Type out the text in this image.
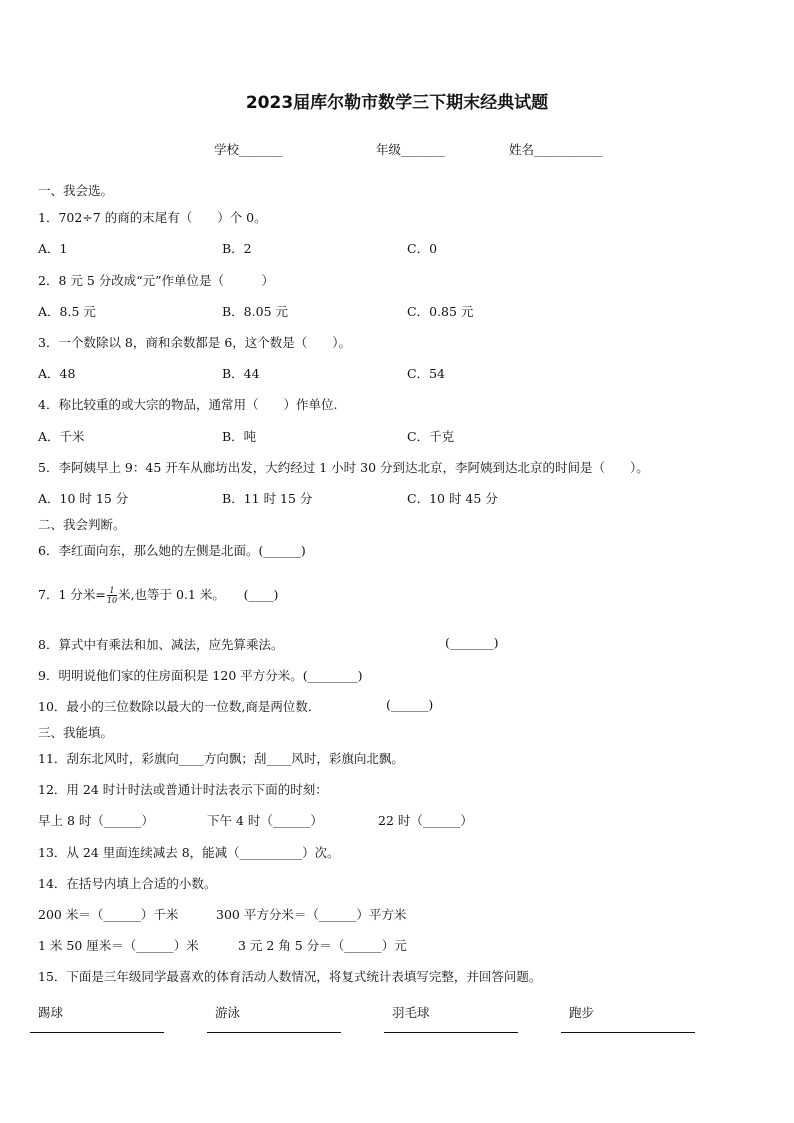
2023届库尔勒市数学三下期末经典试题
学校_______	年级_______	姓名___________
一、我会选。
1．702÷7 的商的末尾有（　　）个 0。
A．1	B．2	C．0
2．8 元 5 分改成“元”作单位是（　　　）
A．8.5 元	B．8.05 元	C．0.85 元
3．一个数除以 8，商和余数都是 6，这个数是（　　）。
A．48	B．44	C．54
4．称比较重的或大宗的物品，通常用（　　）作单位.
A．千米	B．吨	C．千克
5．李阿姨早上 9：45 开车从廊坊出发，大约经过 1 小时 30 分到达北京，李阿姨到达北京的时间是（　　）。
A．10 时 15 分	B．11 时 15 分	C．10 时 45 分
二、我会判断。
6．李红面向东，那么她的左侧是北面。(______)
7．1 分米= $\frac{1}{10}$ 米,也等于 0.1 米。　　(____)
8．算式中有乘法和加、减法，应先算乘法。	(_______)
9．明明说他们家的住房面积是 120 平方分米。(________)
10．最小的三位数除以最大的一位数,商是两位数．	(______)
三、我能填。
11．刮东北风时，彩旗向____方向飘；刮____风时，彩旗向北飘。
12．用 24 时计时法或普通计时法表示下面的时刻：
早上 8 时（______）	下午 4 时（______）	22 时（______）
13．从 24 里面连续减去 8，能减（__________）次。
14．在括号内填上合适的小数。
200 米＝（______）千米	300 平方分米＝（______）平方米
1 米 50 厘米＝（______）米	3 元 2 角 5 分＝（______）元
15．下面是三年级同学最喜欢的体育活动人数情况，将复式统计表填写完整，并回答问题。
踢球	游泳	羽毛球	跑步
